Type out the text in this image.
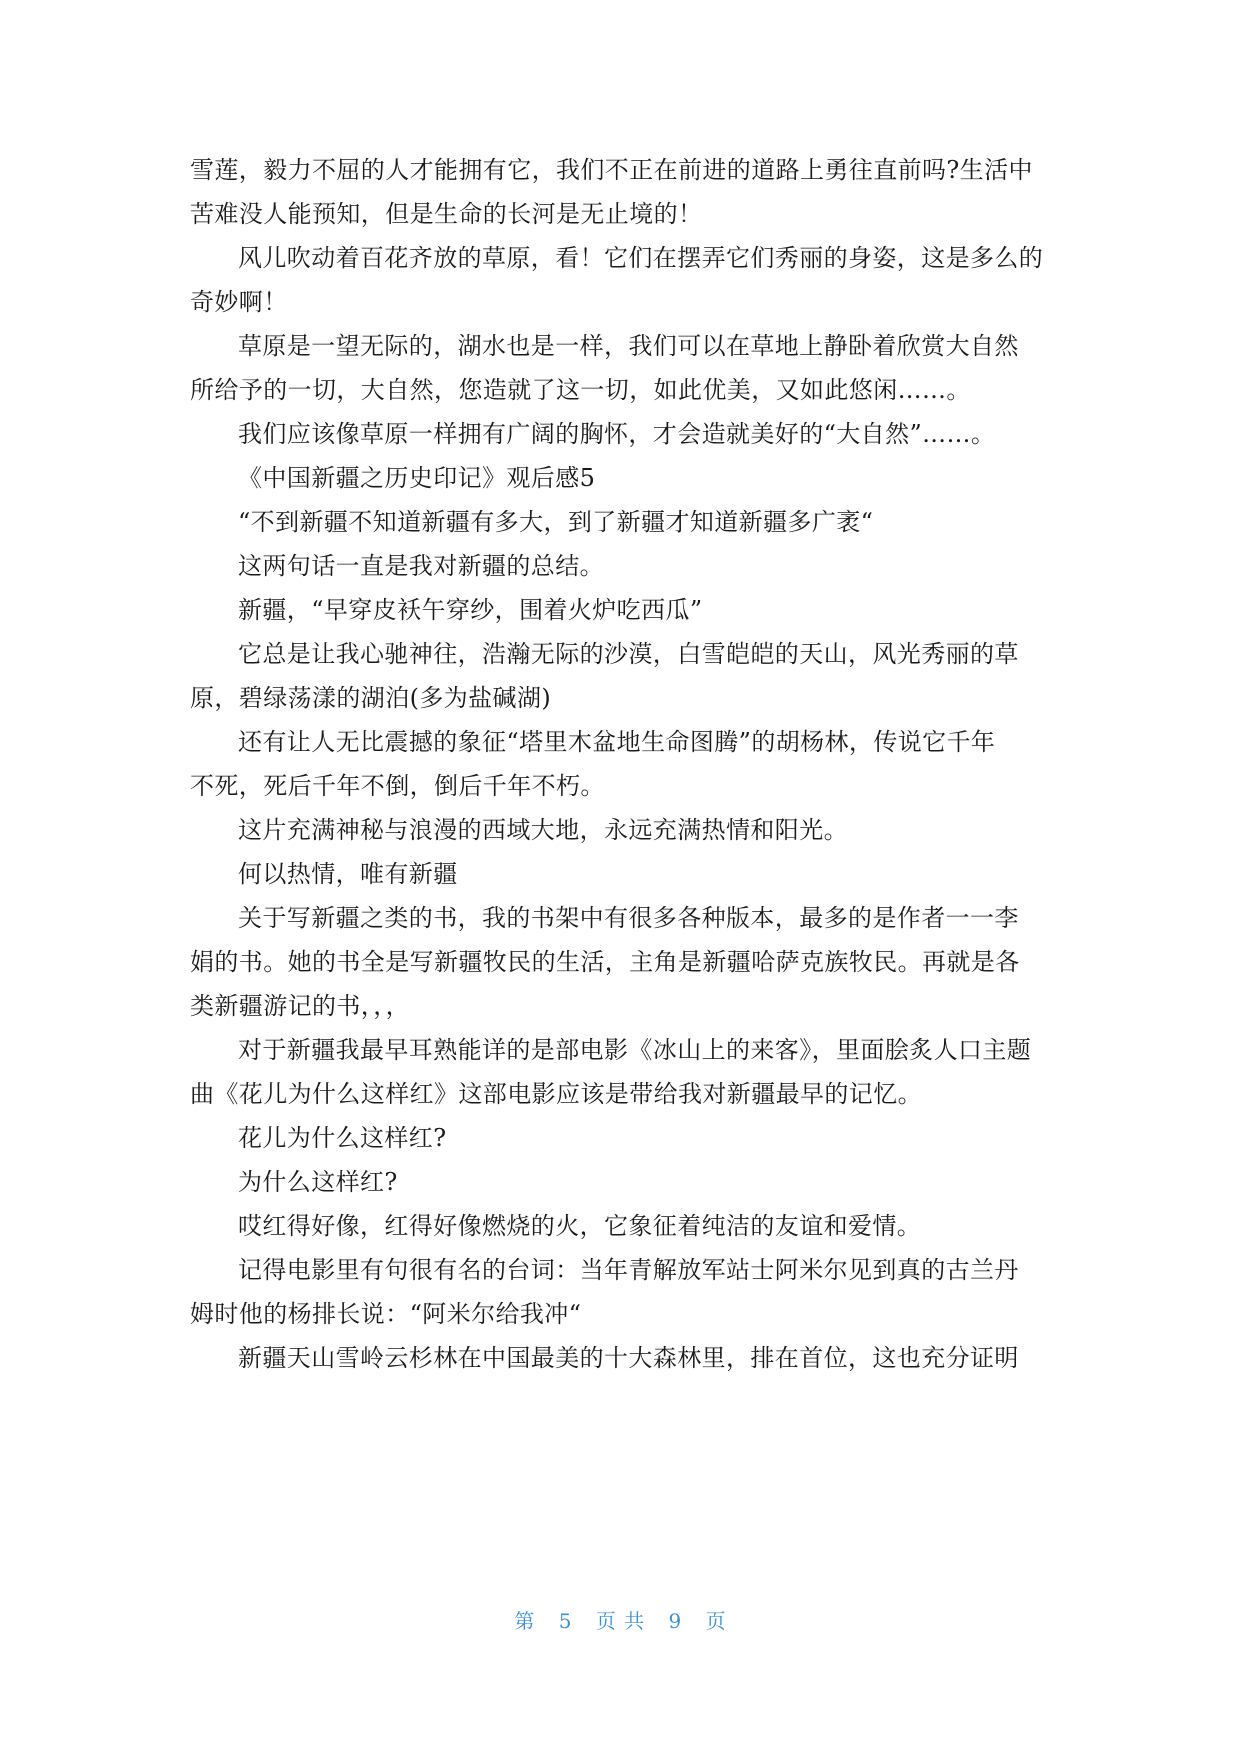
雪莲，毅力不屈的人才能拥有它，我们不正在前进的道路上勇往直前吗?生活中
苦难没人能预知，但是生命的长河是无止境的！
风儿吹动着百花齐放的草原，看！它们在摆弄它们秀丽的身姿，这是多么的
奇妙啊！
草原是一望无际的，湖水也是一样，我们可以在草地上静卧着欣赏大自然
所给予的一切，大自然，您造就了这一切，如此优美，又如此悠闲……。
我们应该像草原一样拥有广阔的胸怀，才会造就美好的“大自然”……。
《中国新疆之历史印记》观后感5
“不到新疆不知道新疆有多大，到了新疆才知道新疆多广袤“
这两句话一直是我对新疆的总结。
新疆，“早穿皮袄午穿纱，围着火炉吃西瓜”
它总是让我心驰神往，浩瀚无际的沙漠，白雪皑皑的天山，风光秀丽的草
原，碧绿荡漾的湖泊(多为盐碱湖)
还有让人无比震撼的象征“塔里木盆地生命图腾”的胡杨林，传说它千年
不死，死后千年不倒，倒后千年不朽。
这片充满神秘与浪漫的西域大地，永远充满热情和阳光。
何以热情，唯有新疆
关于写新疆之类的书，我的书架中有很多各种版本，最多的是作者一一李
娟的书。她的书全是写新疆牧民的生活，主角是新疆哈萨克族牧民。再就是各
类新疆游记的书，，，
对于新疆我最早耳熟能详的是部电影《冰山上的来客》，里面脍炙人口主题
曲《花儿为什么这样红》这部电影应该是带给我对新疆最早的记忆。
花儿为什么这样红?
为什么这样红?
哎红得好像，红得好像燃烧的火，它象征着纯洁的友谊和爱情。
记得电影里有句很有名的台词：当年青解放军站士阿米尔见到真的古兰丹
姆时他的杨排长说：“阿米尔给我冲“
新疆天山雪岭云杉林在中国最美的十大森林里，排在首位，这也充分证明
第 5 页 共 9 页
